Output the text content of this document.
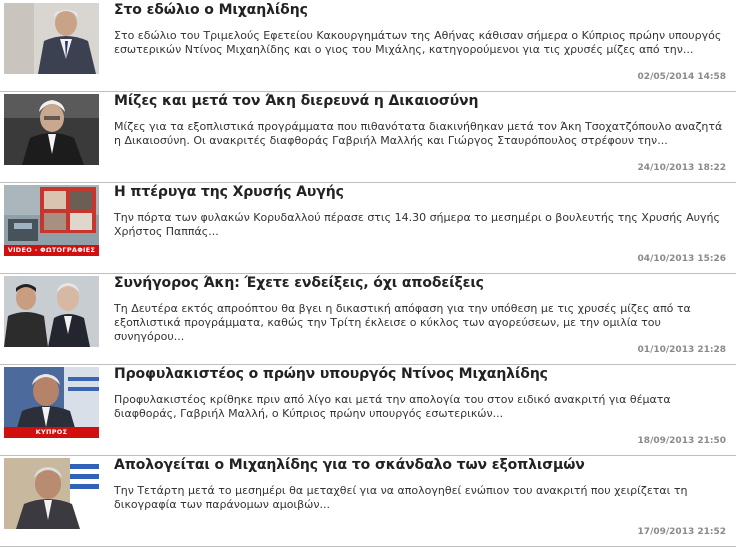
Στο εδώλιο ο Μιχαηλίδης
Στο εδώλιο του Τριμελούς Εφετείου Κακουργημάτων της Αθήνας κάθισαν σήμερα ο Κύπριος πρώην υπουργός εσωτερικών Ντίνος Μιχαηλίδης και ο γιος του Μιχάλης, κατηγορούμενοι για τις χρυσές μίζες από την...
02/05/2014 14:58
Μίζες και μετά τον Άκη διερευνά η Δικαιοσύνη
Μίζες για τα εξοπλιστικά προγράμματα που πιθανότατα διακινήθηκαν μετά τον Άκη Τσοχατζόπουλο αναζητά η Δικαιοσύνη. Οι ανακριτές διαφθοράς Γαβριήλ Μαλλής και Γιώργος Σταυρόπουλος στρέφουν την...
24/10/2013 18:22
VIDEO - ΦΩΤΟΓΡΑΦΙΕΣ
Η πτέρυγα της Χρυσής Αυγής
Την πόρτα των φυλακών Κορυδαλλού πέρασε στις 14.30 σήμερα το μεσημέρι ο βουλευτής της Χρυσής Αυγής Χρήστος Παππάς...
04/10/2013 15:26
Συνήγορος Άκη: Έχετε ενδείξεις, όχι αποδείξεις
Τη Δευτέρα εκτός απροόπτου θα βγει η δικαστική απόφαση για την υπόθεση με τις χρυσές μίζες από τα εξοπλιστικά προγράμματα, καθώς την Τρίτη έκλεισε ο κύκλος των αγορεύσεων, με την ομιλία του συνηγόρου...
01/10/2013 21:28
ΚΥΠΡΟΣ
Προφυλακιστέος ο πρώην υπουργός Ντίνος Μιχαηλίδης
Προφυλακιστέος κρίθηκε πριν από λίγο και μετά την απολογία του στον ειδικό ανακριτή για θέματα διαφθοράς, Γαβριήλ Μαλλή, ο Κύπριος πρώην υπουργός εσωτερικών...
18/09/2013 21:50
Απολογείται ο Μιχαηλίδης για το σκάνδαλο των εξοπλισμών
Την Τετάρτη μετά το μεσημέρι θα μεταχθεί για να απολογηθεί ενώπιον του ανακριτή που χειρίζεται τη δικογραφία των παράνομων αμοιβών...
17/09/2013 21:52
